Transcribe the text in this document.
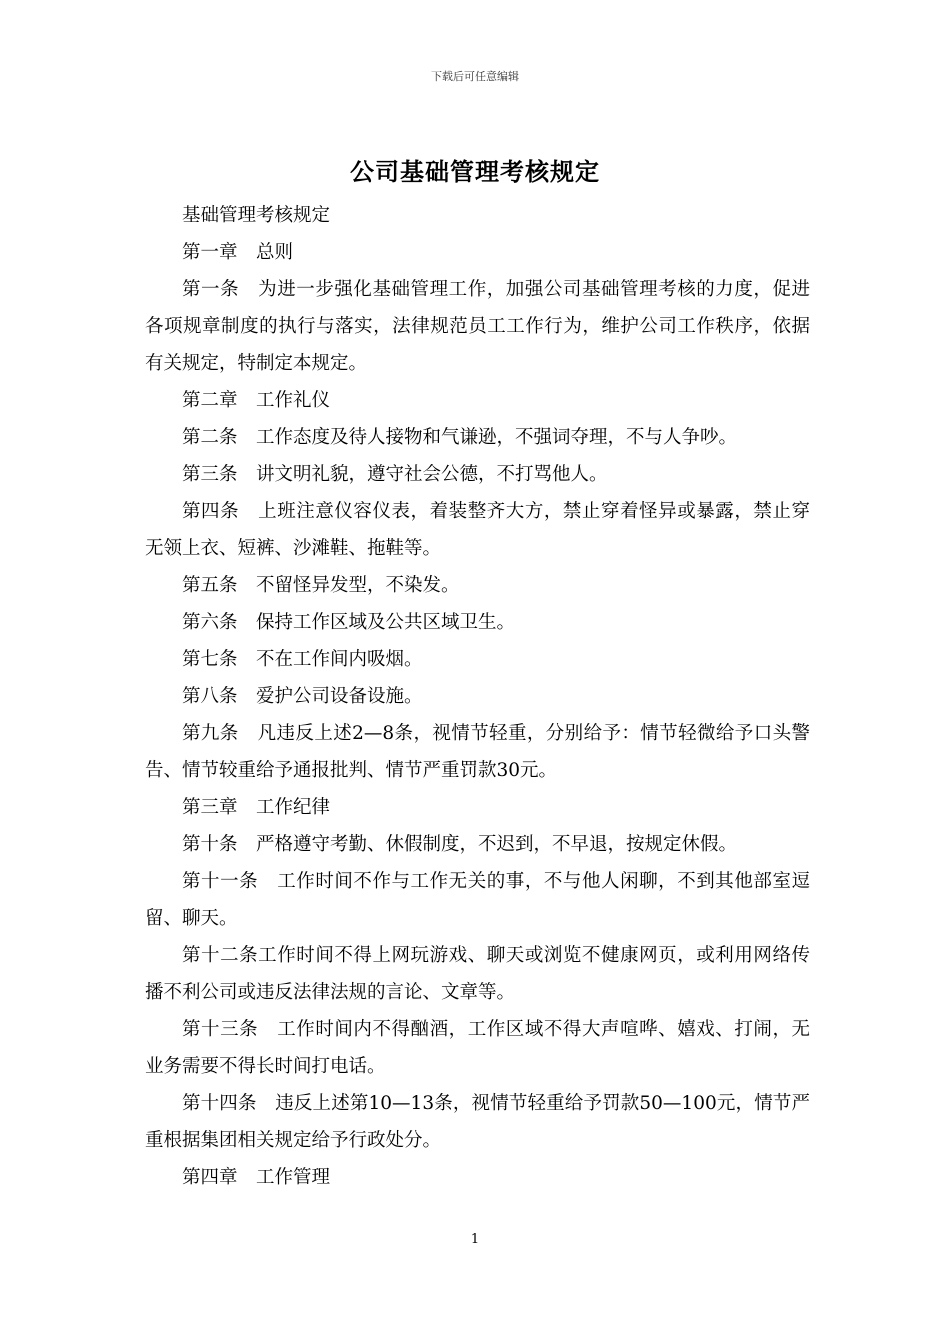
下载后可任意编辑
公司基础管理考核规定

基础管理考核规定

第一章　总则

第一条　为进一步强化基础管理工作，加强公司基础管理考核的力度，促进各项规章制度的执行与落实，法律规范员工工作行为，维护公司工作秩序，依据有关规定，特制定本规定。

第二章　工作礼仪

第二条　工作态度及待人接物和气谦逊，不强词夺理，不与人争吵。

第三条　讲文明礼貌，遵守社会公德，不打骂他人。

第四条　上班注意仪容仪表，着装整齐大方，禁止穿着怪异或暴露，禁止穿无领上衣、短裤、沙滩鞋、拖鞋等。

第五条　不留怪异发型，不染发。

第六条　保持工作区域及公共区域卫生。

第七条　不在工作间内吸烟。

第八条　爱护公司设备设施。

第九条　凡违反上述2—8条，视情节轻重，分别给予：情节轻微给予口头警告、情节较重给予通报批判、情节严重罚款30元。

第三章　工作纪律

第十条　严格遵守考勤、休假制度，不迟到，不早退，按规定休假。

第十一条　工作时间不作与工作无关的事，不与他人闲聊，不到其他部室逗留、聊天。

第十二条工作时间不得上网玩游戏、聊天或浏览不健康网页，或利用网络传播不利公司或违反法律法规的言论、文章等。

第十三条　工作时间内不得酗酒，工作区域不得大声喧哗、嬉戏、打闹，无业务需要不得长时间打电话。

第十四条　违反上述第10—13条，视情节轻重给予罚款50—100元，情节严重根据集团相关规定给予行政处分。

第四章　工作管理

1
